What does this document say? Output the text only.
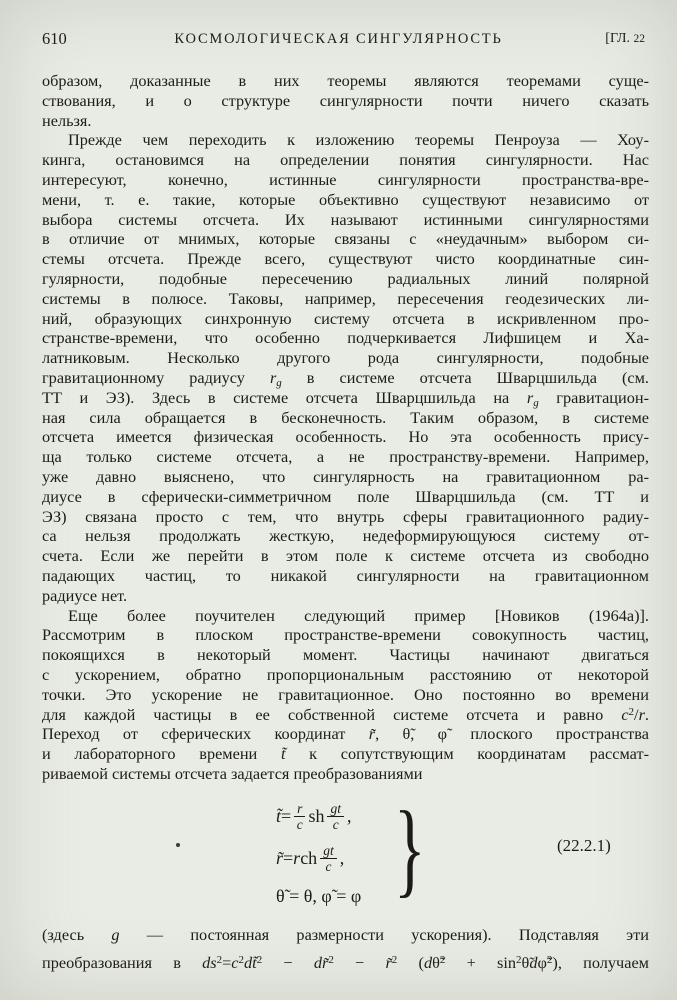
610	КОСМОЛОГИЧЕСКАЯ СИНГУЛЯРНОСТЬ	[ГЛ. 22
образом, доказанные в них теоремы являются теоремами суще-
ствования, и о структуре сингулярности почти ничего сказать
нельзя.
Прежде чем переходить к изложению теоремы Пенроуза — Хоу-
кинга, остановимся на определении понятия сингулярности. Нас
интересуют, конечно, истинные сингулярности пространства-вре-
мени, т. е. такие, которые объективно существуют независимо от
выбора системы отсчета. Их называют истинными сингулярностями
в отличие от мнимых, которые связаны с «неудачным» выбором си-
стемы отсчета. Прежде всего, существуют чисто координатные син-
гулярности, подобные пересечению радиальных линий полярной
системы в полюсе. Таковы, например, пересечения геодезических ли-
ний, образующих синхронную систему отсчета в искривленном про-
странстве-времени, что особенно подчеркивается Лифшицем и Ха-
латниковым. Несколько другого рода сингулярности, подобные
гравитационному радиусу rg в системе отсчета Шварцшильда (см.
ТТ и ЭЗ). Здесь в системе отсчета Шварцшильда на rg гравитацион-
ная сила обращается в бесконечность. Таким образом, в системе
отсчета имеется физическая особенность. Но эта особенность прису-
ща только системе отсчета, а не пространству-времени. Например,
уже давно выяснено, что сингулярность на гравитационном ра-
диусе в сферически-симметричном поле Шварцшильда (см. ТТ и
ЭЗ) связана просто с тем, что внутрь сферы гравитационного радиу-
са нельзя продолжать жесткую, недеформирующуюся систему от-
счета. Если же перейти в этом поле к системе отсчета из свободно
падающих частиц, то никакой сингулярности на гравитационном
радиусе нет.
Еще более поучителен следующий пример [Новиков (1964а)].
Рассмотрим в плоском пространстве-времени совокупность частиц,
покоящихся в некоторый момент. Частицы начинают двигаться
с ускорением, обратно пропорциональным расстоянию от некоторой
точки. Это ускорение не гравитационное. Оно постоянно во времени
для каждой частицы в ее собственной системе отсчета и равно $c^2/r$.
Переход от сферических координат r̃, θ̃, φ̃ плоского пространства
и лабораторного времени t̃ к сопутствующим координатам рассмат-
риваемой системы отсчета задается преобразованиями
t̃ = $\frac{r}{c}$ sh $\frac{gt}{c}$ ,
r̃ = r ch $\frac{gt}{c}$ ,
θ̃ = θ, φ̃ = φ }	(22.2.1)
(здесь g — постоянная размерности ускорения). Подставляя эти
преобразования в $ds^2=c^2dt̃^2$ − dr̃$^2$ − r̃$^2$ (dθ̃$^2$ + $\sin^2\thetãd\varphĩ^2$), получаем
